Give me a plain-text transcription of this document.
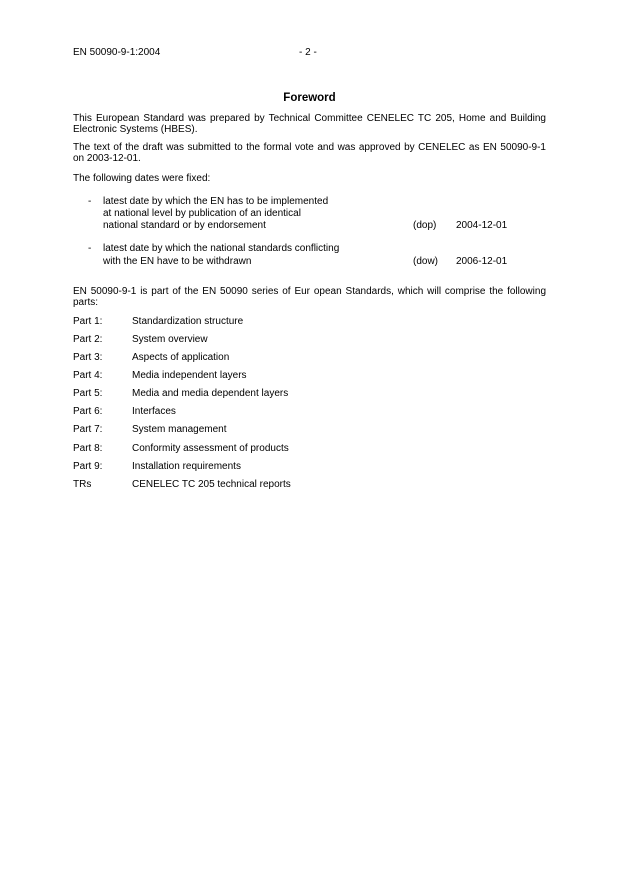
EN 50090-9-1:2004	- 2 -
Foreword
This European Standard was prepared by Technical Committee CENELEC TC 205, Home and Building Electronic Systems (HBES).
The text of the draft was submitted to the formal vote and was approved by CENELEC as EN 50090-9-1 on 2003-12-01.
The following dates were fixed:
- latest date by which the EN has to be implemented
at national level by publication of an identical
national standard or by endorsement	(dop) 2004-12-01
- latest date by which the national standards conflicting
with the EN have to be withdrawn	(dow) 2006-12-01
EN 50090-9-1 is part of the EN 50090 series of Eur opean Standards, which will comprise the following parts:
Part 1:	Standardization structure
Part 2:	System overview
Part 3:	Aspects of application
Part 4:	Media independent layers
Part 5:	Media and media dependent layers
Part 6:	Interfaces
Part 7:	System management
Part 8:	Conformity assessment of products
Part 9:	Installation requirements
TRs	CENELEC TC 205 technical reports
